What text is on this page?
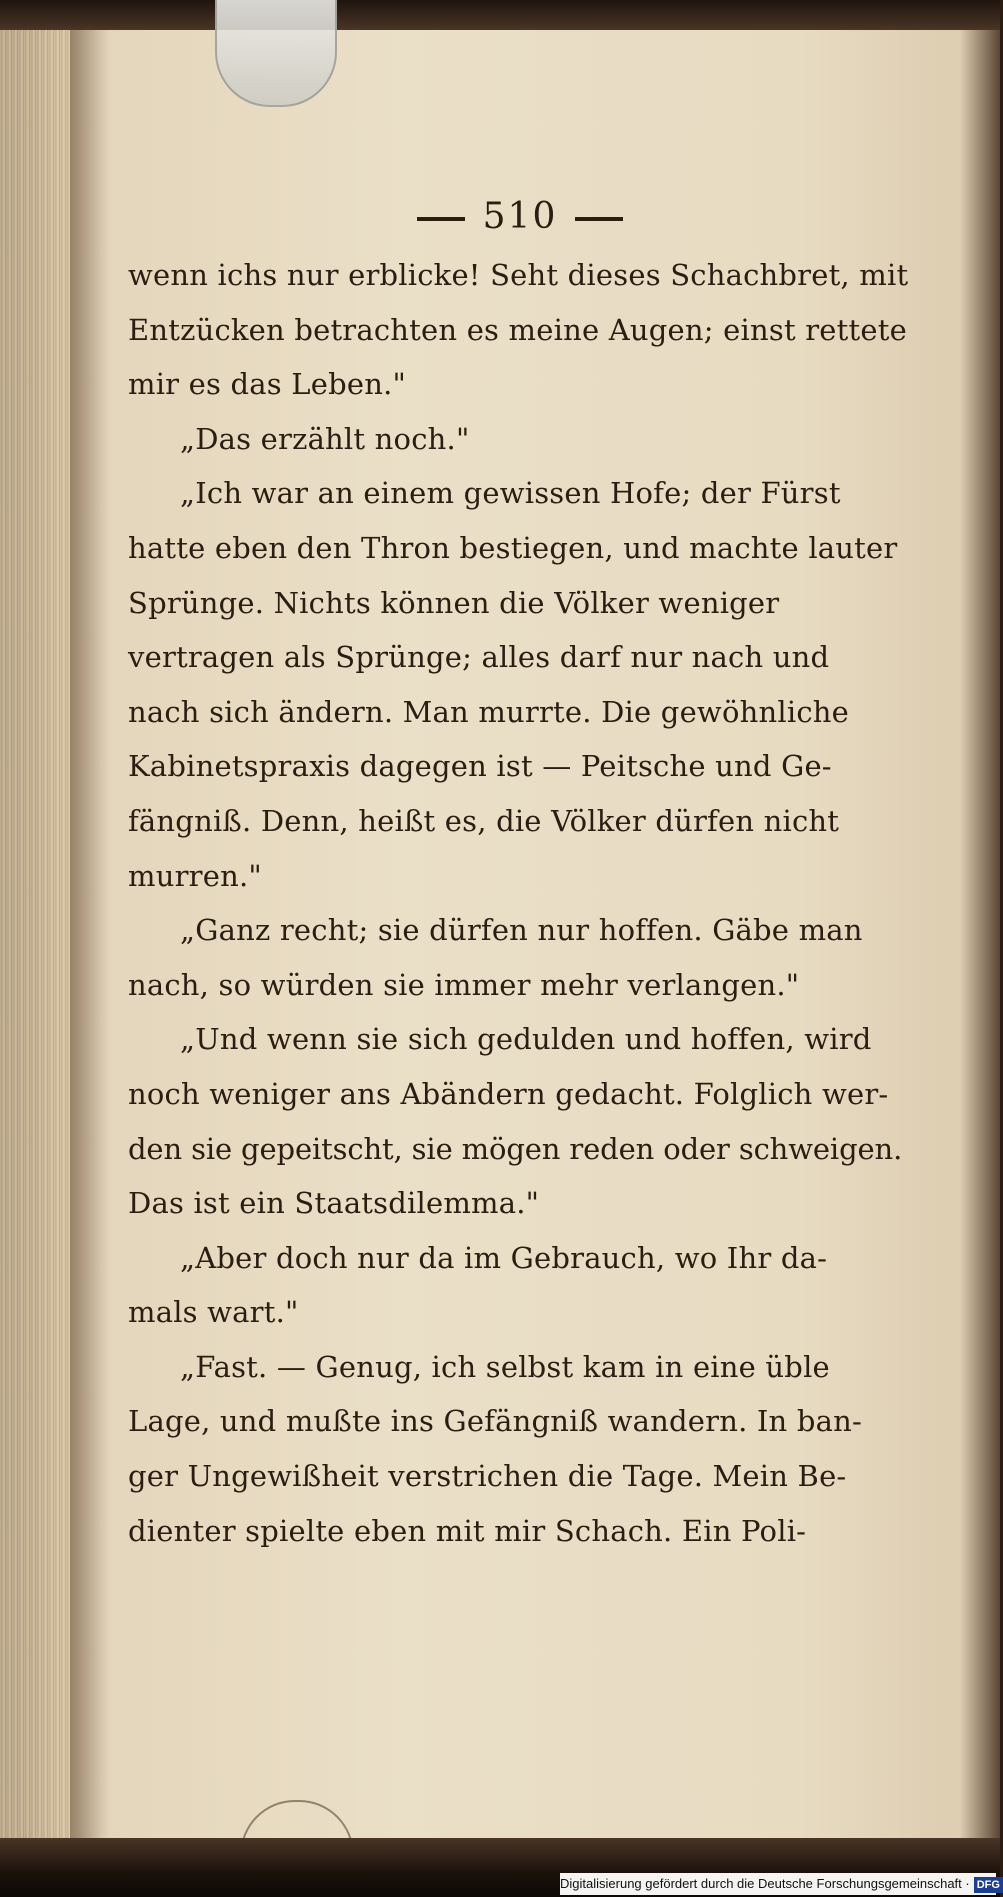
510
wenn ichs nur erblicke! Seht dieses Schachbret, mit
Entzücken betrachten es meine Augen; einst rettete
mir es das Leben."
„Das erzählt noch."
„Ich war an einem gewissen Hofe; der Fürst
hatte eben den Thron bestiegen, und machte lauter
Sprünge. Nichts können die Völker weniger
vertragen als Sprünge; alles darf nur nach und
nach sich ändern. Man murrte. Die gewöhnliche
Kabinetspraxis dagegen ist — Peitsche und Ge-
fängniß. Denn, heißt es, die Völker dürfen nicht
murren."
„Ganz recht; sie dürfen nur hoffen. Gäbe man
nach, so würden sie immer mehr verlangen."
„Und wenn sie sich gedulden und hoffen, wird
noch weniger ans Abändern gedacht. Folglich wer-
den sie gepeitscht, sie mögen reden oder schweigen.
Das ist ein Staatsdilemma."
„Aber doch nur da im Gebrauch, wo Ihr da-
mals wart."
„Fast. — Genug, ich selbst kam in eine üble
Lage, und mußte ins Gefängniß wandern. In ban-
ger Ungewißheit verstrichen die Tage. Mein Be-
dienter spielte eben mit mir Schach. Ein Poli-
Digitalisierung gefördert durch die Deutsche Forschungsgemeinschaft · DFG
